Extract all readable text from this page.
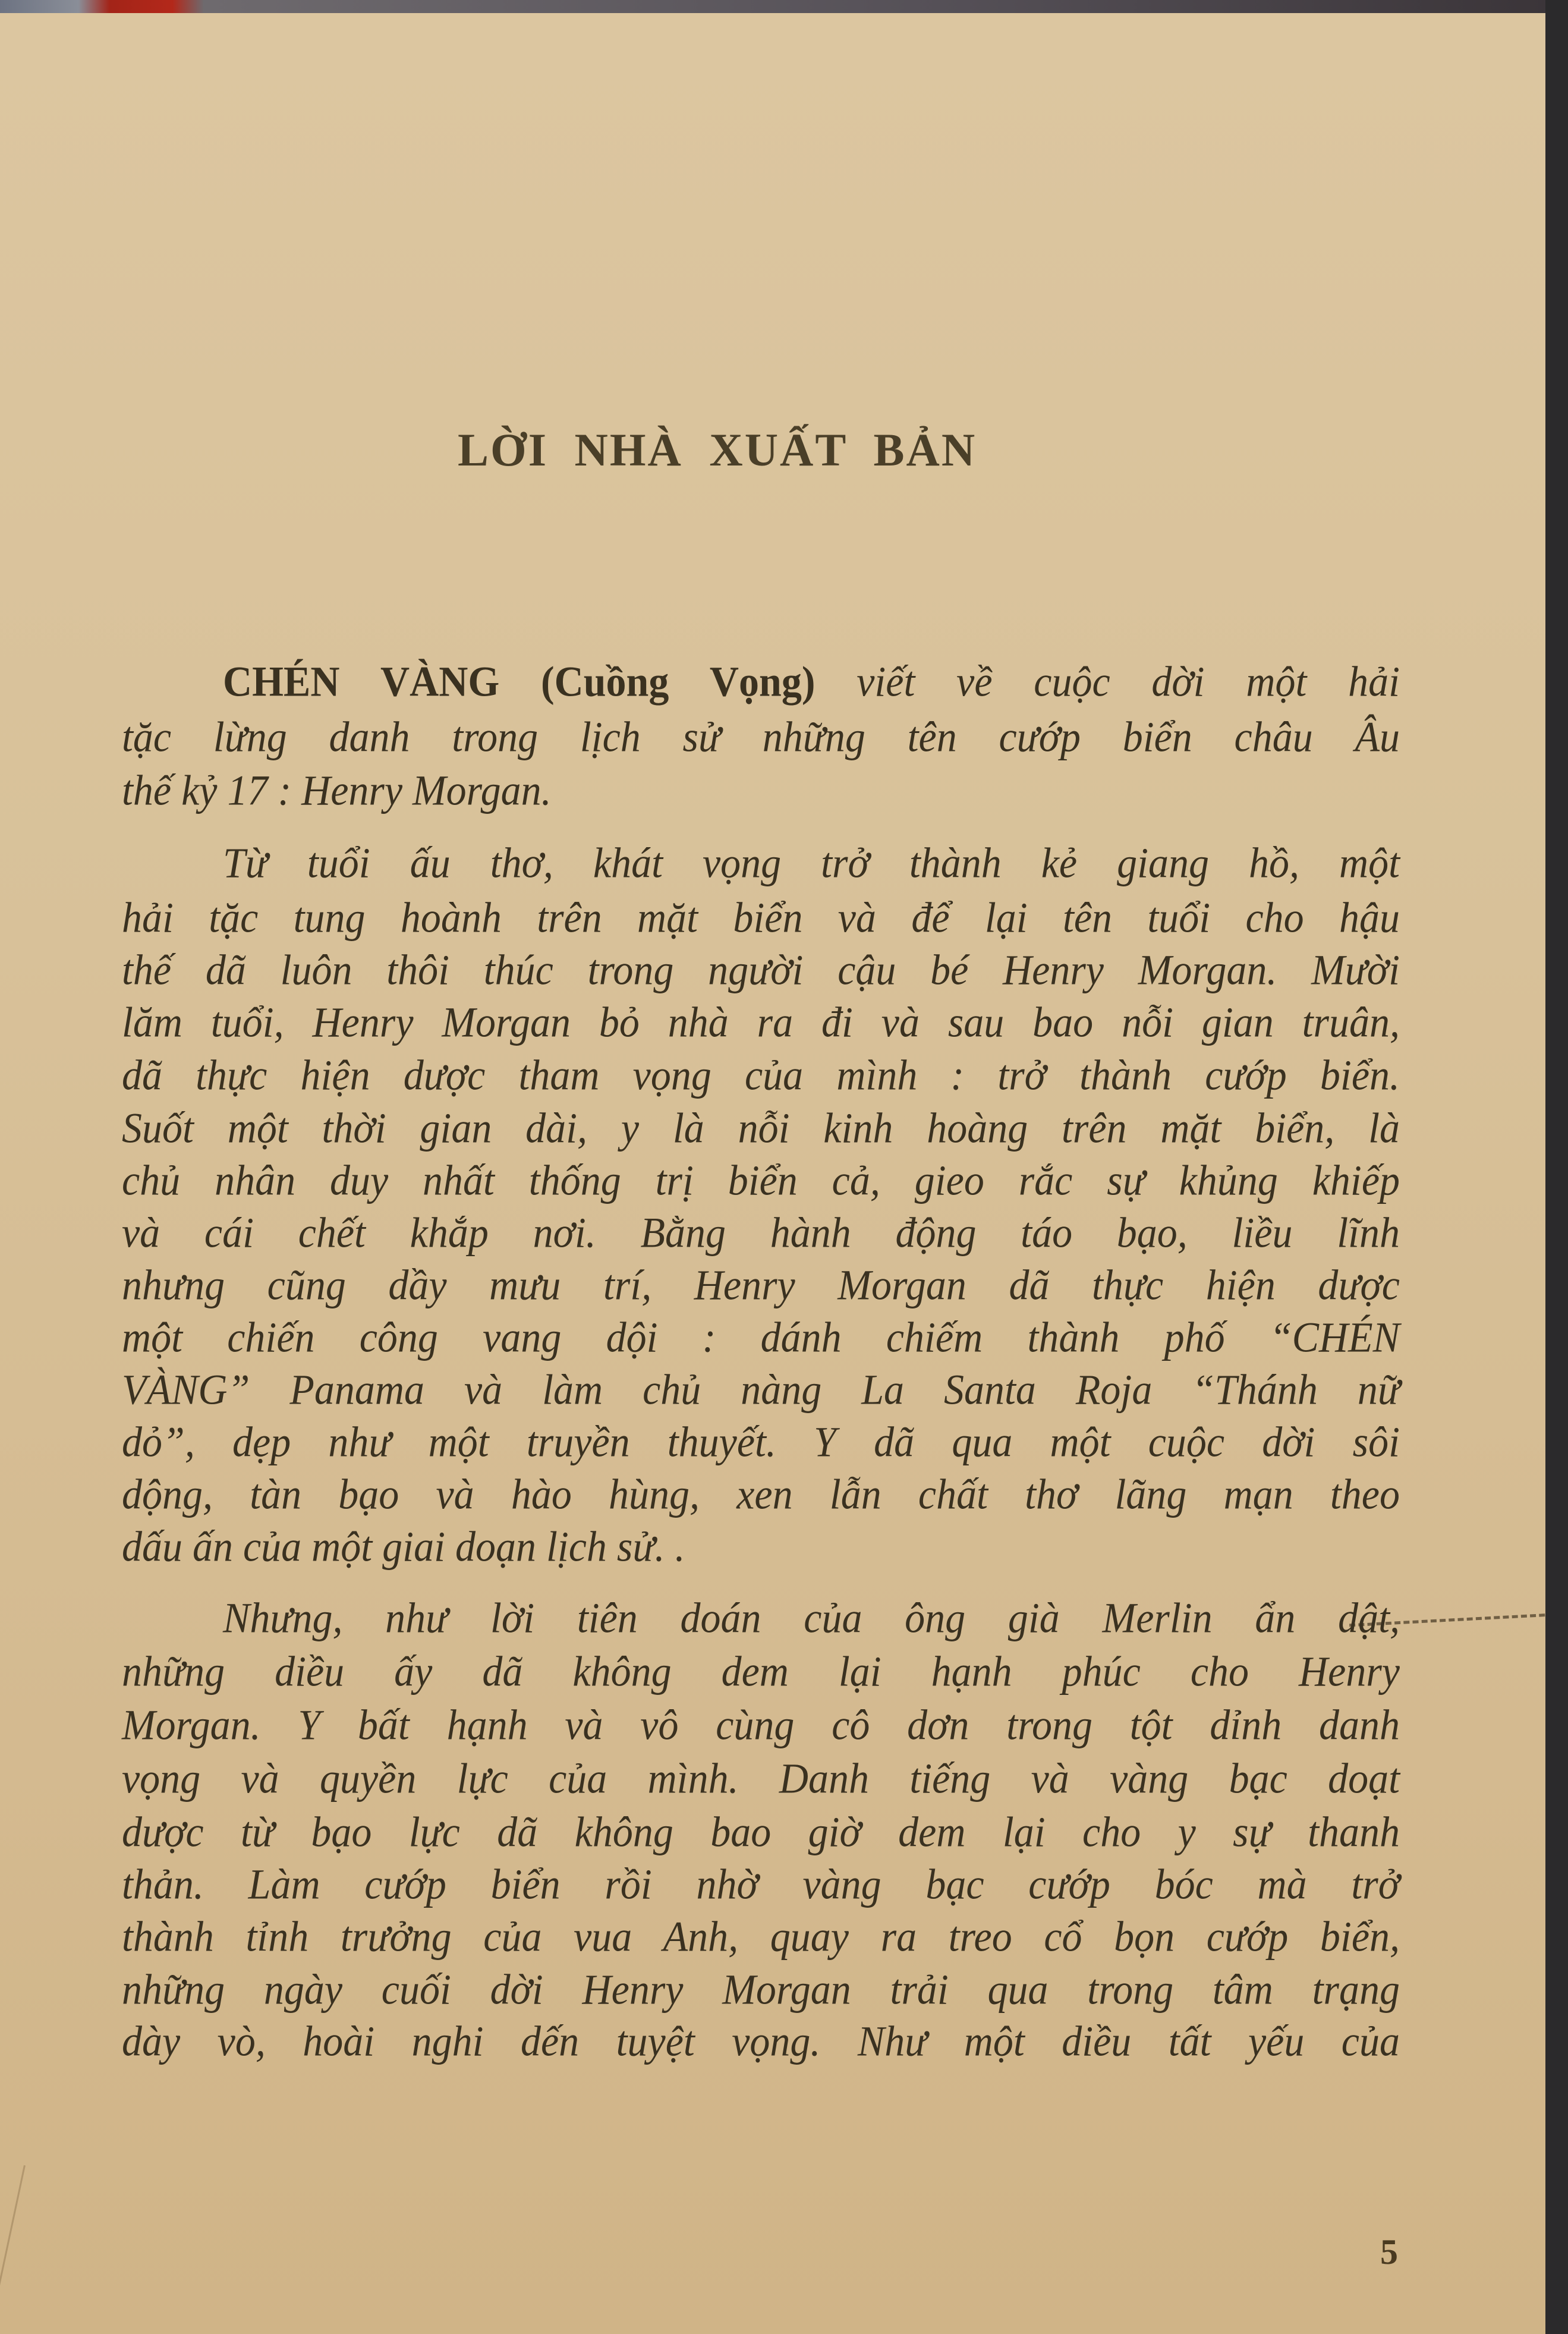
LỜI NHÀ XUẤT BẢN
CHÉN VÀNG (Cuồng Vọng) viết về cuộc dời một hải
tặc lừng danh trong lịch sử những tên cướp biển châu Âu
thế kỷ 17 : Henry Morgan.
Từ tuổi ấu thơ, khát vọng trở thành kẻ giang hồ, một
hải tặc tung hoành trên mặt biển và để lại tên tuổi cho hậu
thế dã luôn thôi thúc trong người cậu bé Henry Morgan. Mười
lăm tuổi, Henry Morgan bỏ nhà ra đi và sau bao nỗi gian truân,
dã thực hiện dược tham vọng của mình : trở thành cướp biển.
Suốt một thời gian dài, y là nỗi kinh hoàng trên mặt biển, là
chủ nhân duy nhất thống trị biển cả, gieo rắc sự khủng khiếp
và cái chết khắp nơi. Bằng hành động táo bạo, liều lĩnh
nhưng cũng dầy mưu trí, Henry Morgan dã thực hiện dược
một chiến công vang dội : dánh chiếm thành phố “CHÉN
VÀNG” Panama và làm chủ nàng La Santa Roja “Thánh nữ
dỏ”, dẹp như một truyền thuyết. Y dã qua một cuộc dời sôi
dộng, tàn bạo và hào hùng, xen lẫn chất thơ lãng mạn theo
dấu ấn của một giai doạn lịch sử. .
Nhưng, như lời tiên doán của ông già Merlin ẩn dật,
những diều ấy dã không dem lại hạnh phúc cho Henry
Morgan. Y bất hạnh và vô cùng cô dơn trong tột dỉnh danh
vọng và quyền lực của mình. Danh tiếng và vàng bạc doạt
dược từ bạo lực dã không bao giờ dem lại cho y sự thanh
thản. Làm cướp biển rồi nhờ vàng bạc cướp bóc mà trở
thành tỉnh trưởng của vua Anh, quay ra treo cổ bọn cướp biển,
những ngày cuối dời Henry Morgan trải qua trong tâm trạng
dày vò, hoài nghi dến tuyệt vọng. Như một diều tất yếu của
5
